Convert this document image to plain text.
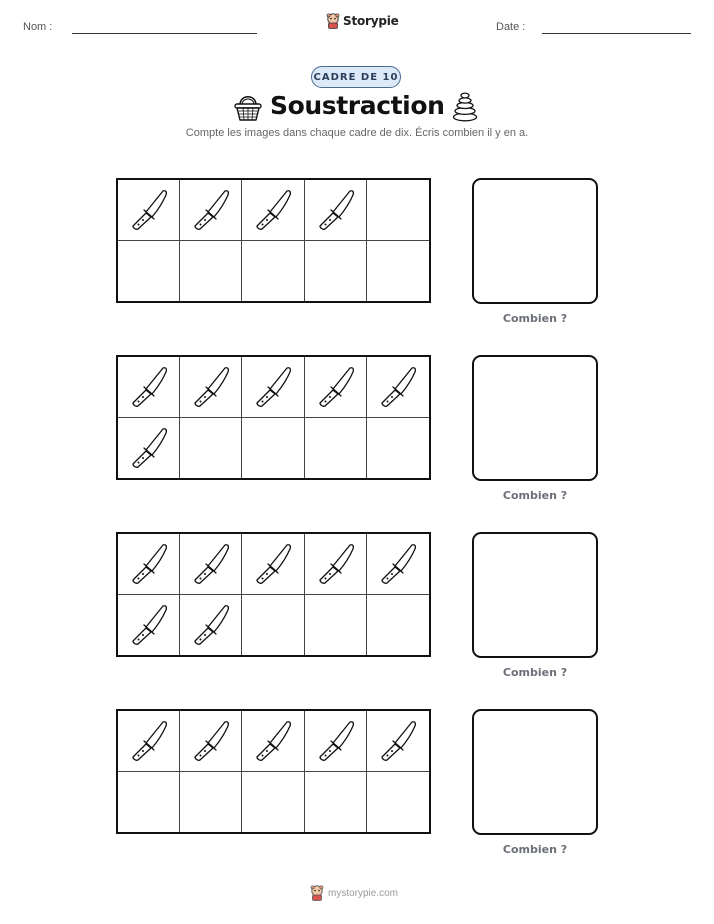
Nom :	Storypie	Date :
CADRE DE 10
Soustraction
Compte les images dans chaque cadre de dix. Écris combien il y en a.
Combien ?
Combien ?
Combien ?
Combien ?
mystorypie.com
